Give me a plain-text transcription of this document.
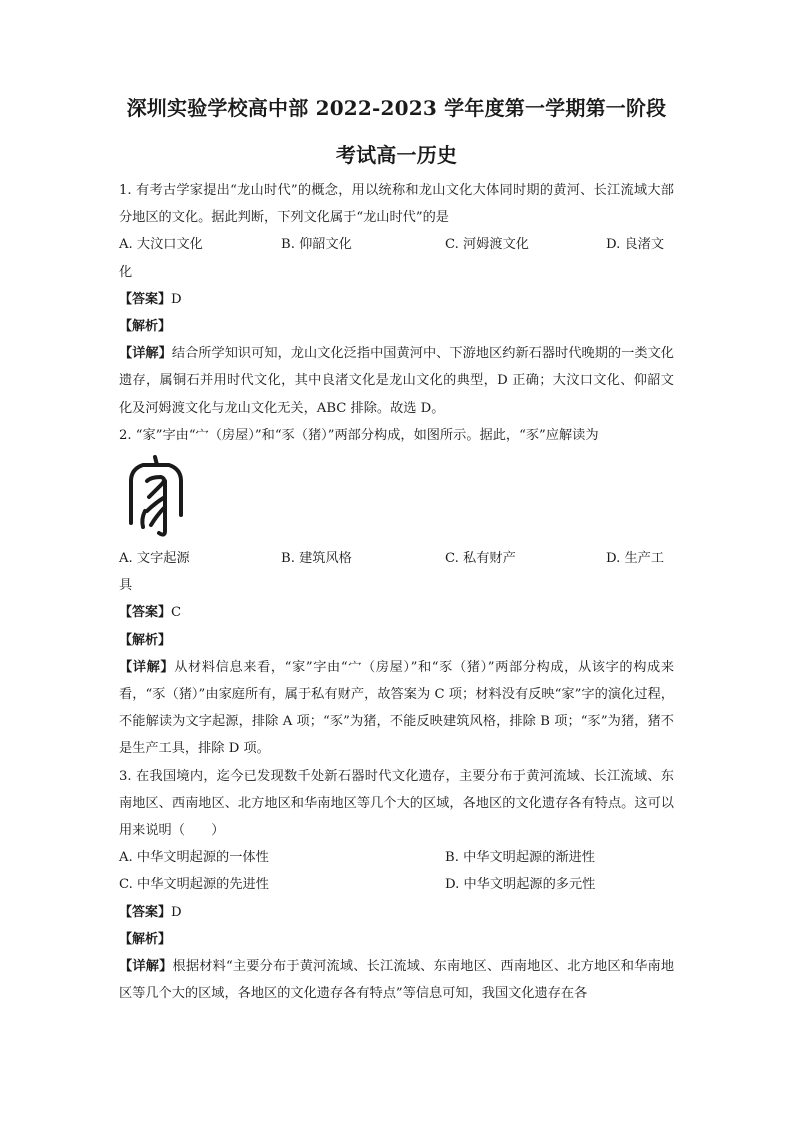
深圳实验学校高中部 2022-2023 学年度第一学期第一阶段
考试高一历史
1. 有考古学家提出“龙山时代”的概念，用以统称和龙山文化大体同时期的黄河、长江流域大部分地区的文化。据此判断，下列文化属于“龙山时代”的是
A. 大汶口文化	B. 仰韶文化	C. 河姆渡文化	D. 良渚文
化
【答案】D
【解析】
【详解】结合所学知识可知，龙山文化泛指中国黄河中、下游地区约新石器时代晚期的一类文化遗存，属铜石并用时代文化，其中良渚文化是龙山文化的典型，D 正确；大汶口文化、仰韶文化及河姆渡文化与龙山文化无关，ABC 排除。故选 D。
2. “家”字由“宀（房屋）”和“豕（猪）”两部分构成，如图所示。据此，“豕”应解读为
A. 文字起源	B. 建筑风格	C. 私有财产	D. 生产工
具
【答案】C
【解析】
【详解】从材料信息来看，“家”字由“宀（房屋）”和“豕（猪）”两部分构成，从该字的构成来看，“豕（猪）”由家庭所有，属于私有财产，故答案为 C 项；材料没有反映“家”字的演化过程，不能解读为文字起源，排除 A 项；“豕”为猪，不能反映建筑风格，排除 B 项；“豕”为猪，猪不是生产工具，排除 D 项。
3. 在我国境内，迄今已发现数千处新石器时代文化遗存，主要分布于黄河流域、长江流域、东南地区、西南地区、北方地区和华南地区等几个大的区域，各地区的文化遗存各有特点。这可以用来说明（　　）
A. 中华文明起源的一体性	B. 中华文明起源的渐进性
C. 中华文明起源的先进性	D. 中华文明起源的多元性
【答案】D
【解析】
【详解】根据材料“主要分布于黄河流域、长江流域、东南地区、西南地区、北方地区和华南地区等几个大的区域，各地区的文化遗存各有特点”等信息可知，我国文化遗存在各
